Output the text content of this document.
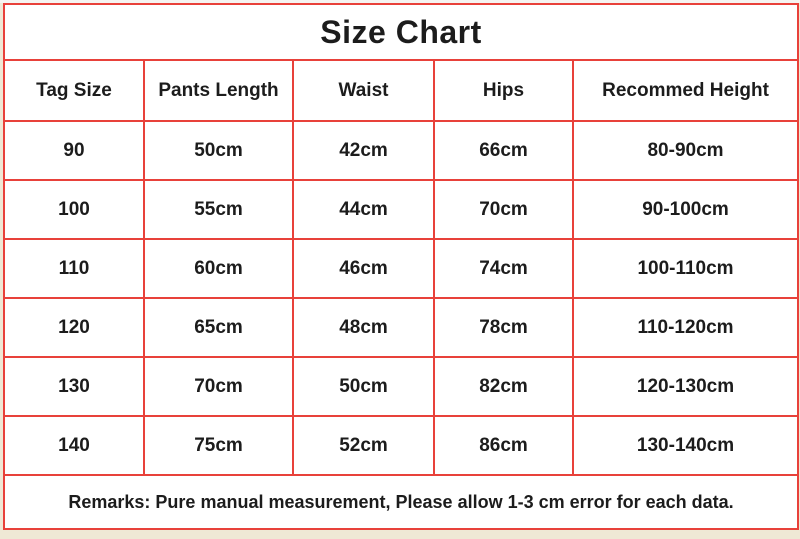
Size Chart				
Tag Size	Pants Length	Waist	Hips	Recommed Height
90	50cm	42cm	66cm	80-90cm
100	55cm	44cm	70cm	90-100cm
110	60cm	46cm	74cm	100-110cm
120	65cm	48cm	78cm	110-120cm
130	70cm	50cm	82cm	120-130cm
140	75cm	52cm	86cm	130-140cm
Remarks: Pure manual measurement, Please allow 1-3 cm error for each data.				
